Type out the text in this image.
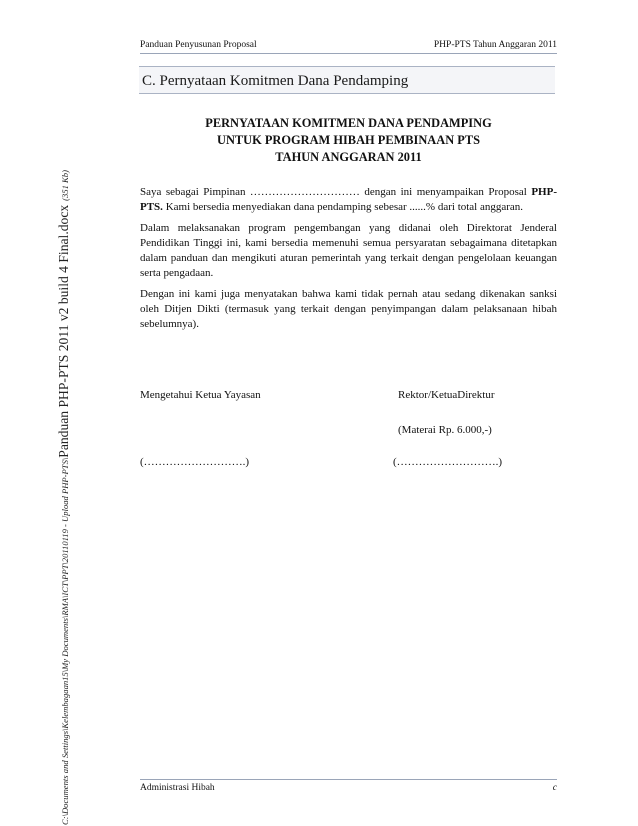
C:\Documents and Settings\Kelembagaan15\My Documents\RMA\ICT\PPT\20110119 - Upload PHP-PTS\Panduan PHP-PTS 2011 v2 build 4 Final.docx(351 Kb)
Panduan Penyusunan Proposal	PHP-PTS Tahun Anggaran 2011
C. Pernyataan Komitmen Dana Pendamping
PERNYATAAN KOMITMEN DANA PENDAMPING
UNTUK PROGRAM HIBAH PEMBINAAN PTS
TAHUN ANGGARAN 2011

Saya sebagai Pimpinan ………………………… dengan ini menyampaikan Proposal PHP-PTS. Kami bersedia menyediakan dana pendamping sebesar ......% dari total anggaran.

Dalam melaksanakan program pengembangan yang didanai oleh Direktorat Jenderal Pendidikan Tinggi ini, kami bersedia memenuhi semua persyaratan sebagaimana ditetapkan dalam panduan dan mengikuti aturan pemerintah yang terkait dengan pengelolaan keuangan serta pengadaan.

Dengan ini kami juga menyatakan bahwa kami tidak pernah atau sedang dikenakan sanksi oleh Ditjen Dikti (termasuk yang terkait dengan penyimpangan dalam pelaksanaan hibah sebelumnya).

Mengetahui Ketua Yayasan	Rektor/KetuaDirektur
(Materai Rp. 6.000,-)
(……………………….)	(……………………….)
Administrasi Hibah	c
